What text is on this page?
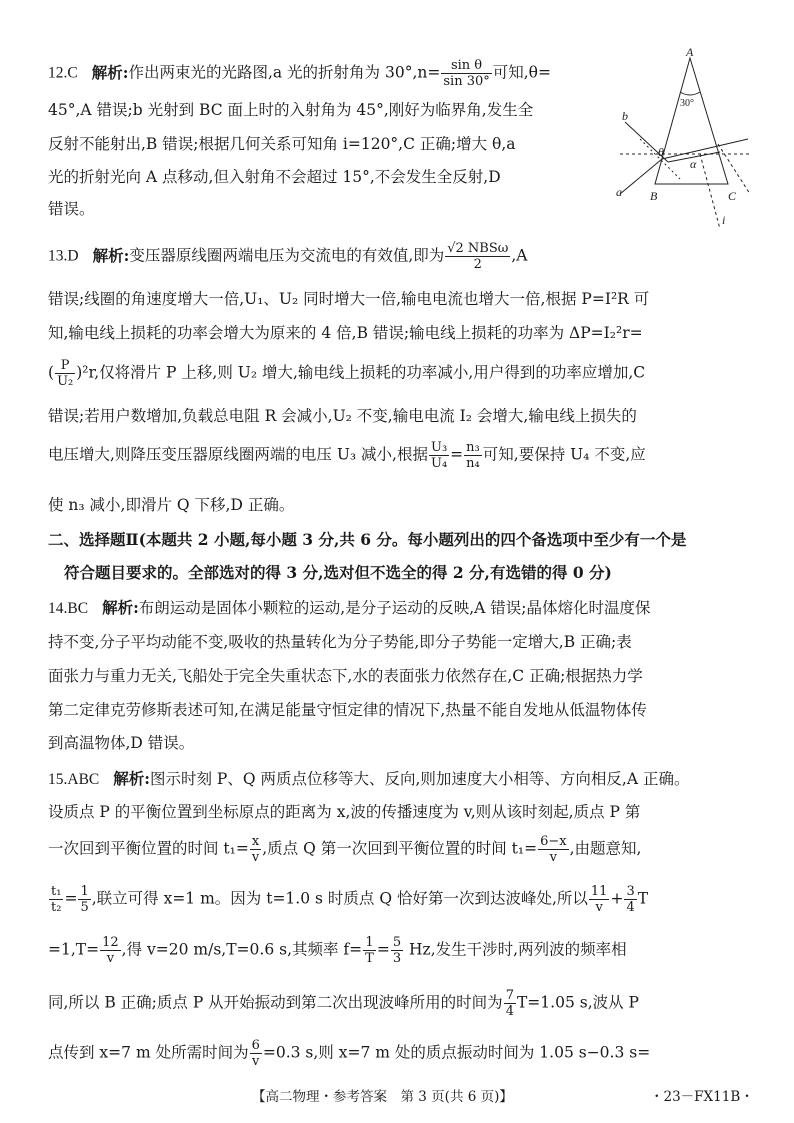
12.C 解析:作出两束光的光路图,a 光的折射角为 $30^\circ,n= \frac{\text{sin θ}}{\sin 30^\circ}$ 可知,θ=
45°,A 错误;b 光射到 BC 面上时的入射角为 45°,刚好为临界角,发生全
反射不能射出,B 错误;根据几何关系可知角 i=120°,C 正确;增大 θ,a
光的折射光向 A 点移动,但入射角不会超过 15°,不会发生全反射,D
错误。
A
B	C
a
b
α
θ
i
30°
13.D 解析:变压器原线圈两端电压为交流电的有效值,即为 $\frac{\text{√2 NBSω}}{2} ,A$
错误;线圈的角速度增大一倍,U₁、U₂ 同时增大一倍,输电电流也增大一倍,根据 P=I²R 可
知,输电线上损耗的功率会增大为原来的 4 倍,B 错误;输电线上损耗的功率为 ΔP=I₂²r=
( $\frac{P}{\text{U₂}} )^2r$,仅将滑片 P 上移,则 U₂ 增大,输电线上损耗的功率减小,用户得到的功率应增加,C
错误;若用户数增加,负载总电阻 R 会减小,U₂ 不变,输电电流 I₂ 会增大,输电线上损失的
电压增大,则降压变压器原线圈两端的电压 U₃ 减小,根据 $\frac{\text{U₃}}{\text{U₄}} = \frac{\text{n₃}}{\text{n₄}}$ 可知,要保持 U₄ 不变,应
使 n₃ 减小,即滑片 Q 下移,D 正确。
二、选择题Ⅱ(本题共 2 小题,每小题 3 分,共 6 分。每小题列出的四个备选项中至少有一个是
符合题目要求的。全部选对的得 3 分,选对但不选全的得 2 分,有选错的得 0 分)
14.BC 解析:布朗运动是固体小颗粒的运动,是分子运动的反映,A 错误;晶体熔化时温度保
持不变,分子平均动能不变,吸收的热量转化为分子势能,即分子势能一定增大,B 正确;表
面张力与重力无关,飞船处于完全失重状态下,水的表面张力依然存在,C 正确;根据热力学
第二定律克劳修斯表述可知,在满足能量守恒定律的情况下,热量不能自发地从低温物体传
到高温物体,D 错误。
15.ABC 解析:图示时刻 P、Q 两质点位移等大、反向,则加速度大小相等、方向相反,A 正确。
设质点 P 的平衡位置到坐标原点的距离为 x,波的传播速度为 v,则从该时刻起,质点 P 第
一次回到平衡位置的时间 $t_1= \frac{x}{v}$ ,质点 Q 第一次回到平衡位置的时间 $t_1= \frac{6-x}{v}$ ,由题意知,
$\frac{\text{t₁}}{\text{t₂}} = \frac{1}{5}$ ,联立可得 x=1 m。因为 t=1.0 s 时质点 Q 恰好第一次到达波峰处,所以 $\frac{11}{v} + \frac{3}{4}$ T
$=1,T= \frac{12}{v}$ ,得 v=20 m/s,T=0.6 s,其频率 $f= \frac{1}{T} = \frac{5}{3} Hz$,发生干涉时,两列波的频率相
同,所以 B 正确;质点 P 从开始振动到第二次出现波峰所用的时间为 $\frac{7}{4} T=1.05$ s,波从 P
点传到 x=7 m 处所需时间为 $\frac{6}{v} =0.3$ s,则 x=7 m 处的质点振动时间为 1.05 s−0.3 s=
【高二物理・参考答案　第 3 页(共 6 页)】	・23－FX11B・
